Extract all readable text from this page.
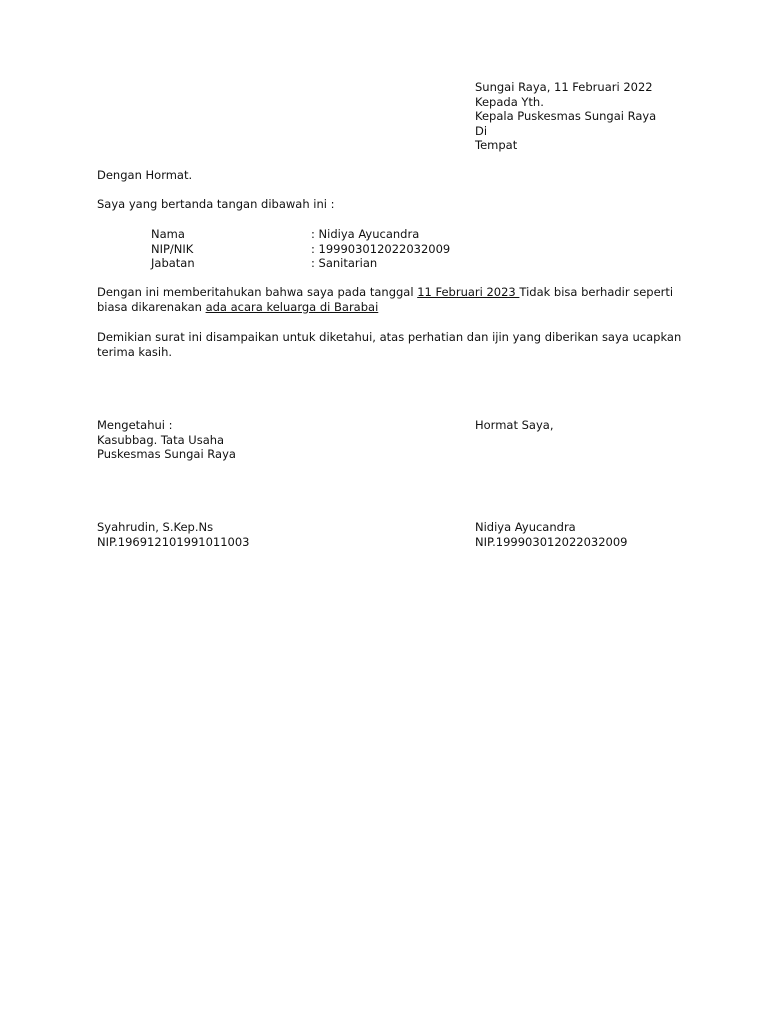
Sungai Raya, 11 Februari 2022
Kepada Yth.
Kepala Puskesmas Sungai Raya
Di
Tempat
Dengan Hormat.
Saya yang bertanda tangan dibawah ini :
Nama	: Nidiya Ayucandra
NIP/NIK	: 199903012022032009
Jabatan	: Sanitarian
Dengan ini memberitahukan bahwa saya pada tanggal 11 Februari 2023 Tidak bisa berhadir seperti
biasa dikarenakan ada acara keluarga di Barabai
Demikian surat ini disampaikan untuk diketahui, atas perhatian dan ijin yang diberikan saya ucapkan
terima kasih.
Mengetahui :
Kasubbag. Tata Usaha
Puskesmas Sungai Raya
Hormat Saya,
Syahrudin, S.Kep.Ns
NIP.196912101991011003
Nidiya Ayucandra
NIP.199903012022032009
